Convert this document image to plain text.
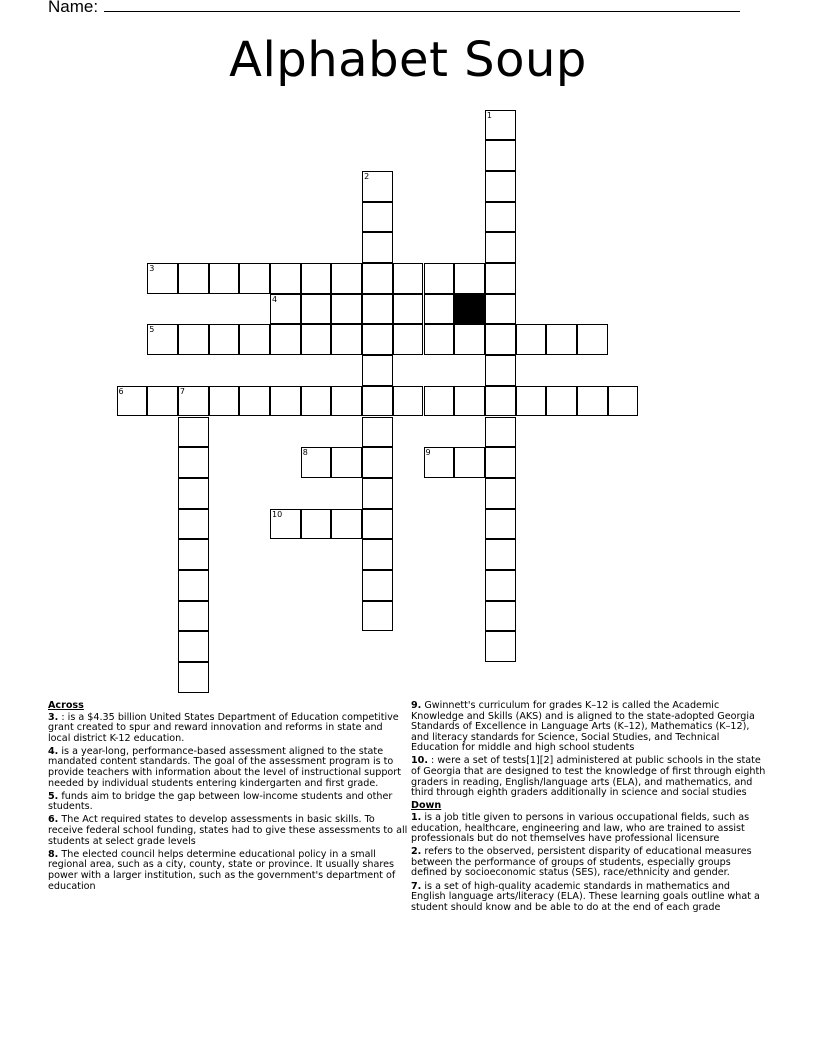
Name:
Alphabet Soup
1
2
3
4
5
6	7
8	9
10
Across
3. : is a $4.35 billion United States Department of Education competitive grant created to spur and reward innovation and reforms in state and local district K-12 education.
4. is a year-long, performance-based assessment aligned to the state mandated content standards. The goal of the assessment program is to provide teachers with information about the level of instructional support needed by individual students entering kindergarten and first grade.
5. funds aim to bridge the gap between low-income students and other students.
6. The Act required states to develop assessments in basic skills. To receive federal school funding, states had to give these assessments to all students at select grade levels
8. The elected council helps determine educational policy in a small regional area, such as a city, county, state or province. It usually shares power with a larger institution, such as the government's department of education
9. Gwinnett's curriculum for grades K–12 is called the Academic Knowledge and Skills (AKS) and is aligned to the state-adopted Georgia Standards of Excellence in Language Arts (K–12), Mathematics (K–12), and literacy standards for Science, Social Studies, and Technical Education for middle and high school students
10. : were a set of tests[1][2] administered at public schools in the state of Georgia that are designed to test the knowledge of first through eighth graders in reading, English/language arts (ELA), and mathematics, and third through eighth graders additionally in science and social studies
Down
1. is a job title given to persons in various occupational fields, such as education, healthcare, engineering and law, who are trained to assist professionals but do not themselves have professional licensure
2. refers to the observed, persistent disparity of educational measures between the performance of groups of students, especially groups defined by socioeconomic status (SES), race/ethnicity and gender.
7. is a set of high-quality academic standards in mathematics and English language arts/literacy (ELA). These learning goals outline what a student should know and be able to do at the end of each grade
